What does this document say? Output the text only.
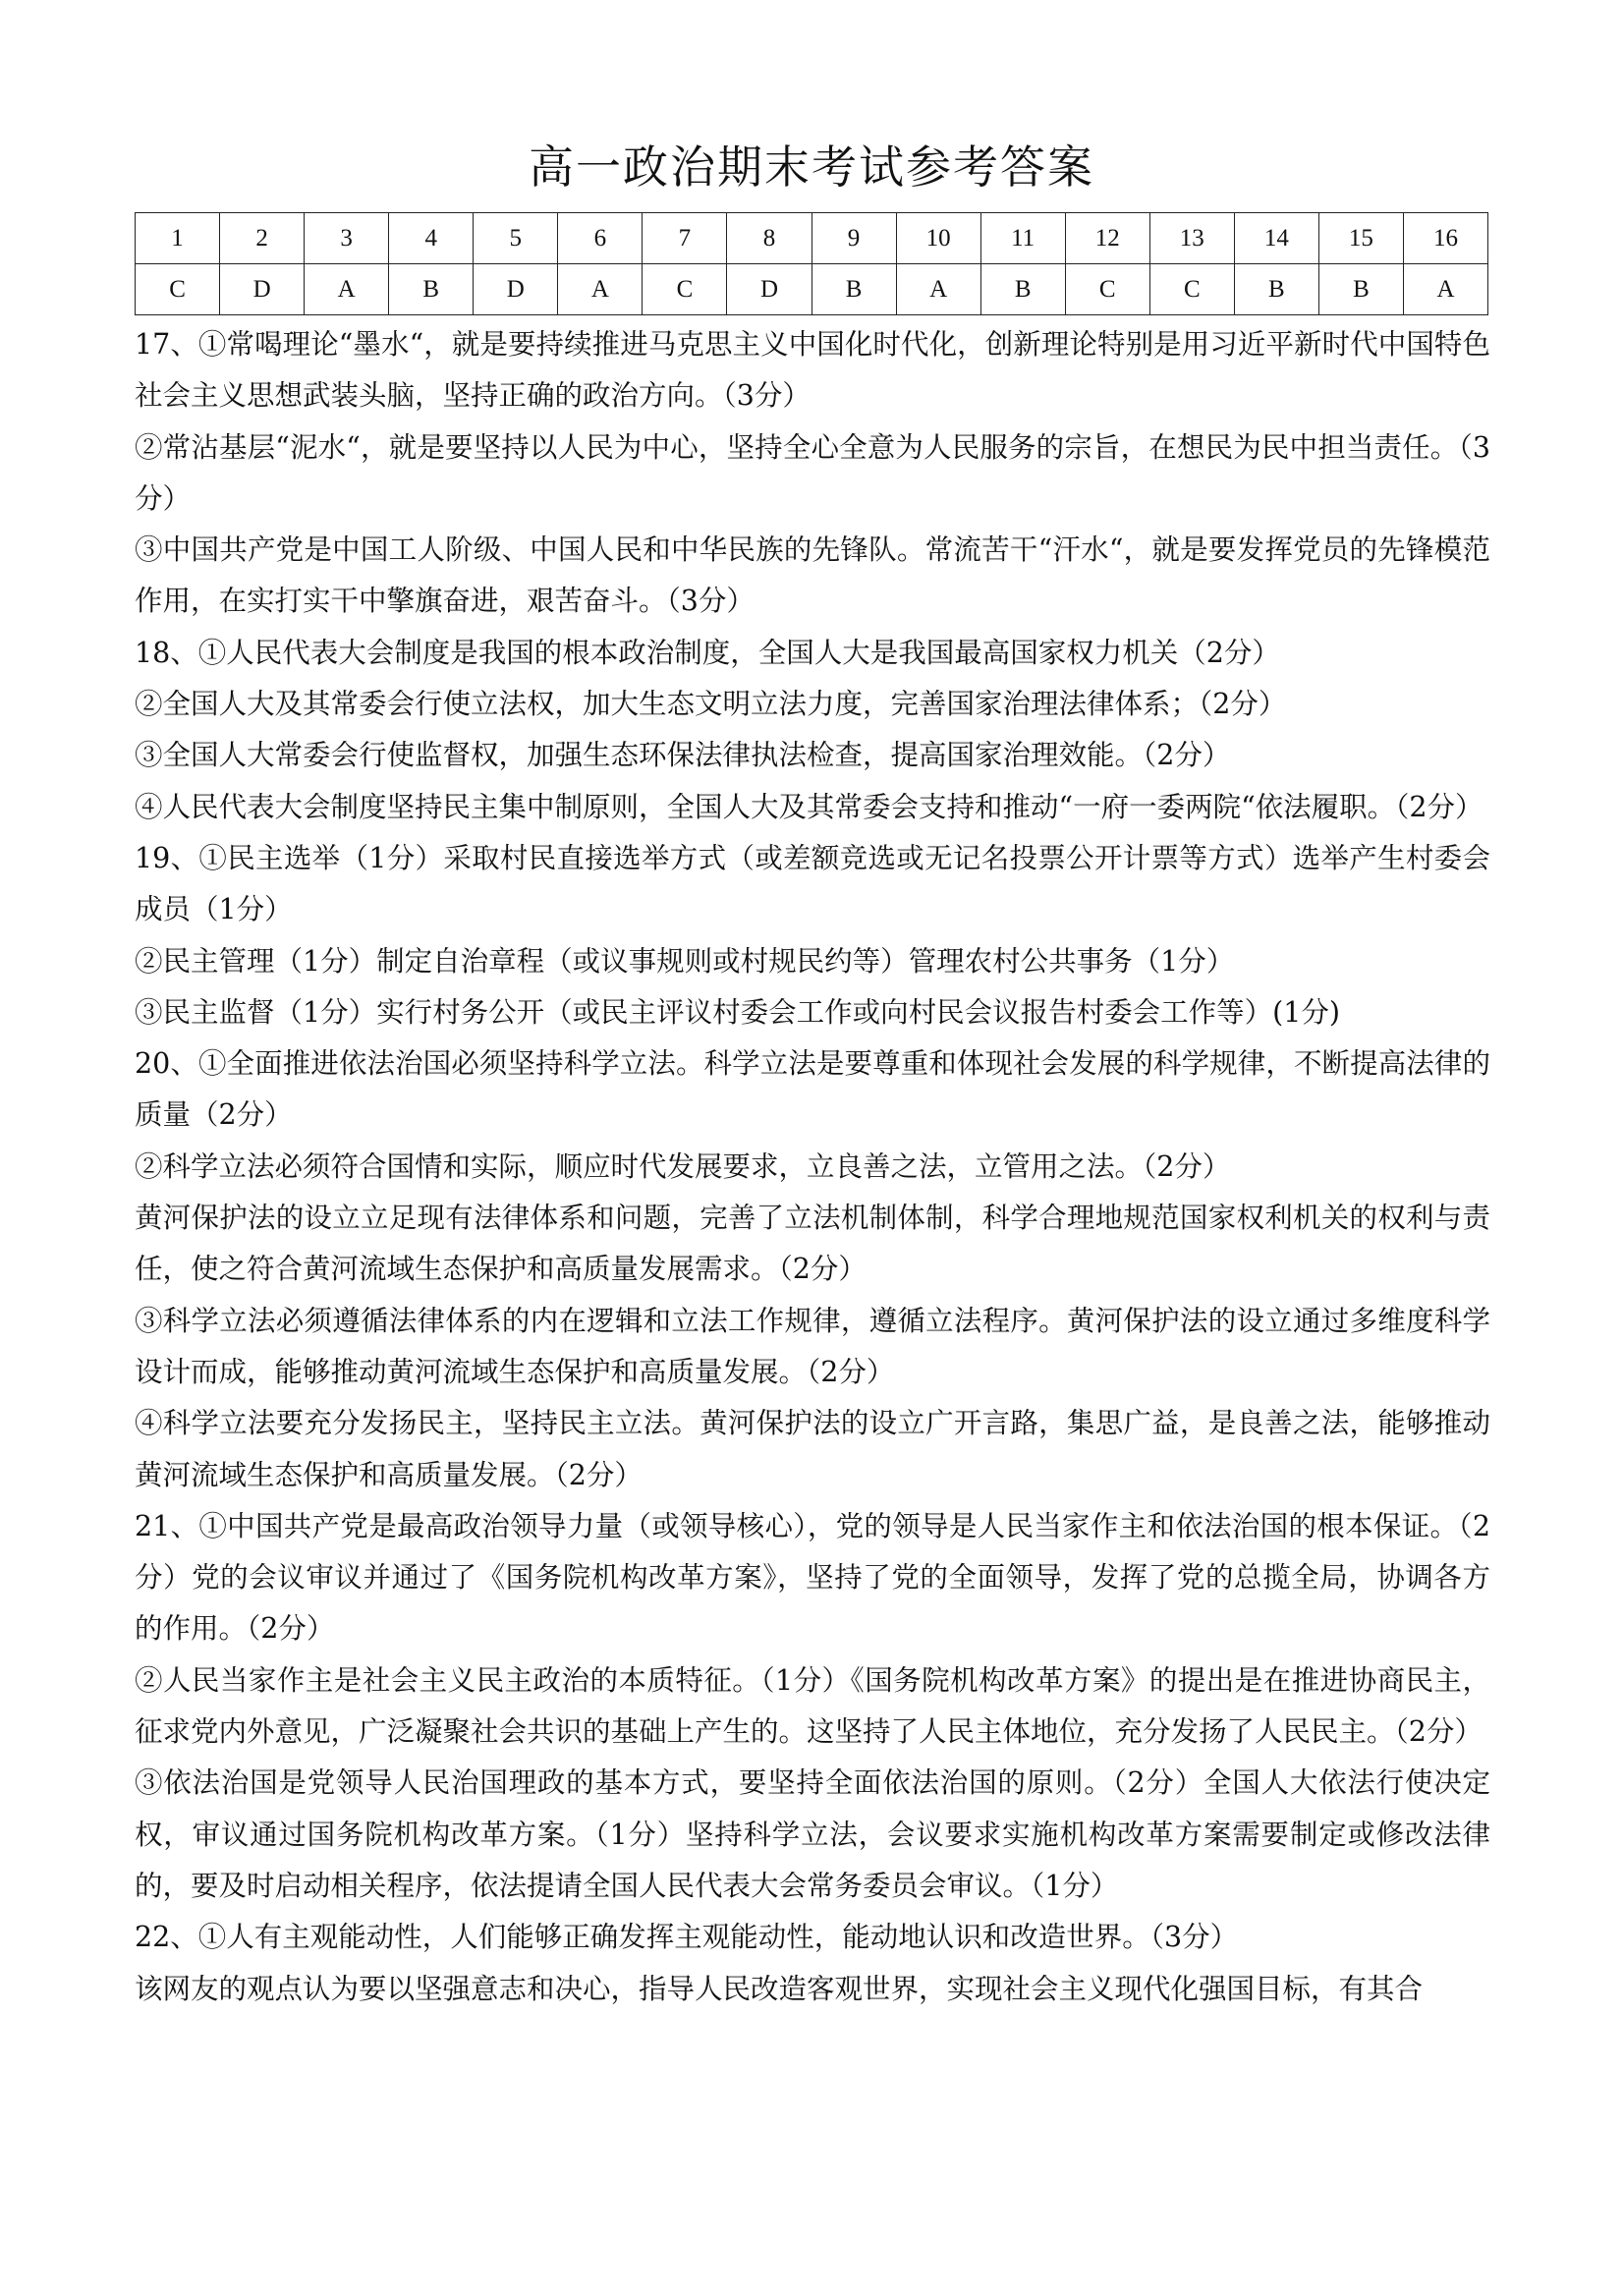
高一政治期末考试参考答案
1	2	3	4	5	6	7	8	9	10	11	12	13	14	15	16
C	D	A	B	D	A	C	D	B	A	B	C	C	B	B	A

17、①常喝理论“墨水“，就是要持续推进马克思主义中国化时代化，创新理论特别是用习近平新时代中国特色社会主义思想武装头脑，坚持正确的政治方向。（3分）

②常沾基层“泥水“，就是要坚持以人民为中心，坚持全心全意为人民服务的宗旨，在想民为民中担当责任。（3分）

③中国共产党是中国工人阶级、中国人民和中华民族的先锋队。常流苦干“汗水“，就是要发挥党员的先锋模范作用，在实打实干中擎旗奋进，艰苦奋斗。（3分）

18、①人民代表大会制度是我国的根本政治制度，全国人大是我国最高国家权力机关（2分）

②全国人大及其常委会行使立法权，加大生态文明立法力度，完善国家治理法律体系；（2分）

③全国人大常委会行使监督权，加强生态环保法律执法检查，提高国家治理效能。（2分）

④人民代表大会制度坚持民主集中制原则，全国人大及其常委会支持和推动“一府一委两院“依法履职。（2分）

19、①民主选举（1分）采取村民直接选举方式（或差额竞选或无记名投票公开计票等方式）选举产生村委会成员（1分）

②民主管理（1分）制定自治章程（或议事规则或村规民约等）管理农村公共事务（1分）

③民主监督（1分）实行村务公开（或民主评议村委会工作或向村民会议报告村委会工作等）(1分)

20、①全面推进依法治国必须坚持科学立法。科学立法是要尊重和体现社会发展的科学规律，不断提高法律的质量（2分）

②科学立法必须符合国情和实际，顺应时代发展要求，立良善之法，立管用之法。（2分）

黄河保护法的设立立足现有法律体系和问题，完善了立法机制体制，科学合理地规范国家权利机关的权利与责任，使之符合黄河流域生态保护和高质量发展需求。（2分）

③科学立法必须遵循法律体系的内在逻辑和立法工作规律，遵循立法程序。黄河保护法的设立通过多维度科学设计而成，能够推动黄河流域生态保护和高质量发展。（2分）

④科学立法要充分发扬民主，坚持民主立法。黄河保护法的设立广开言路，集思广益，是良善之法，能够推动黄河流域生态保护和高质量发展。（2分）

21、①中国共产党是最高政治领导力量（或领导核心），党的领导是人民当家作主和依法治国的根本保证。（2分）党的会议审议并通过了《国务院机构改革方案》，坚持了党的全面领导，发挥了党的总揽全局，协调各方的作用。（2分）

②人民当家作主是社会主义民主政治的本质特征。（1分）《国务院机构改革方案》的提出是在推进协商民主，征求党内外意见，广泛凝聚社会共识的基础上产生的。这坚持了人民主体地位，充分发扬了人民民主。（2分）

③依法治国是党领导人民治国理政的基本方式，要坚持全面依法治国的原则。（2分）全国人大依法行使决定权，审议通过国务院机构改革方案。（1分）坚持科学立法，会议要求实施机构改革方案需要制定或修改法律的，要及时启动相关程序，依法提请全国人民代表大会常务委员会审议。（1分）

22、①人有主观能动性，人们能够正确发挥主观能动性，能动地认识和改造世界。（3分）

该网友的观点认为要以坚强意志和决心，指导人民改造客观世界，实现社会主义现代化强国目标，有其合
